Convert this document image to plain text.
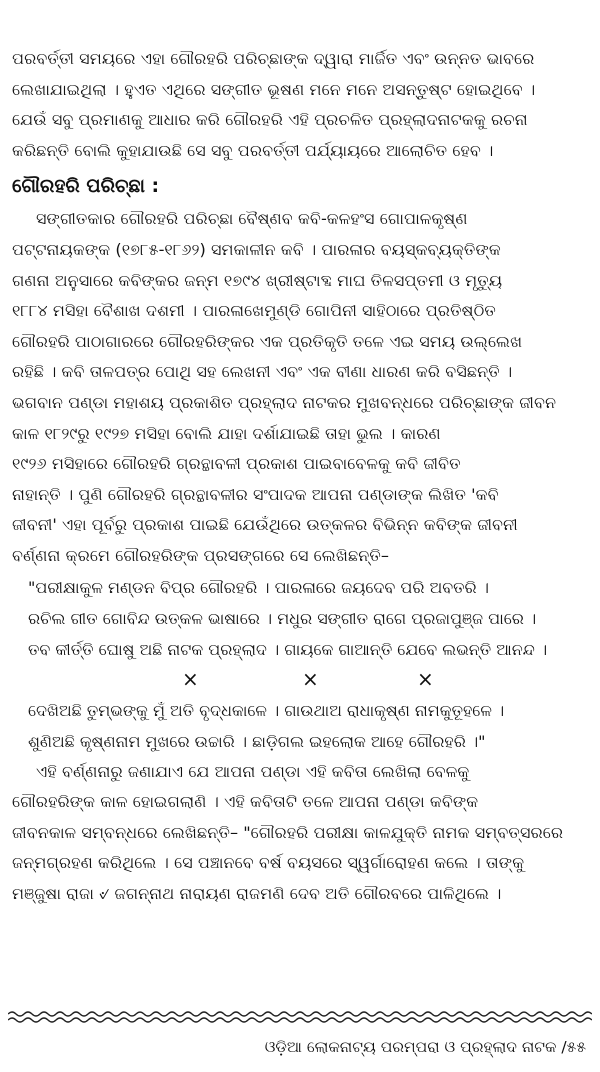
ପରବର୍ତ୍ତୀ ସମୟରେ ଏହା ଗୌରହରି ପରିଚ୍ଛାଙ୍କ ଦ୍ୱାରା ମାର୍ଜିତ ଏବଂ ଉନ୍ନତ ଭାବରେ
ଲେଖାଯାଇଥିଲା । ହୁଏତ ଏଥିରେ ସଙ୍ଗୀତ ଭୂଷଣ ମନେ ମନେ ଅସନ୍ତୁଷ୍ଟ ହୋଇଥିବେ ।
ଯେଉଁ ସବୁ ପ୍ରମାଣକୁ ଆଧାର କରି ଗୌରହରି ଏହି ପ୍ରଚଳିତ ପ୍ରହ୍ଲାଦନାଟକକୁ ରଚନା
କରିଛନ୍ତି ବୋଲି କୁହାଯାଉଛି ସେ ସବୁ ପରବର୍ତ୍ତୀ ପର୍ଯ୍ୟାୟରେ ଆଲୋଚିତ ହେବ ।
ଗୌରହରି ପରିଚ୍ଛା :
ସଙ୍ଗୀତକାର ଗୌରହରି ପରିଚ୍ଛା ବୈଷ୍ଣବ କବି-କଳହଂସ ଗୋପାଳକୃଷ୍ଣ
ପଟ୍ଟନାୟକଙ୍କ (୧୭୮୫-୧୮୬୨) ସମକାଳୀନ କବି । ପାରଳାର ବୟସ୍କବ୍ୟକ୍ତିଙ୍କ
ଗଣନା ଅନୁସାରେ କବିଙ୍କର ଜନ୍ମ ୧୭୯୪ ଖ୍ରୀଷ୍ଟାବ୍ଦ ମାଘ ତିଳସପ୍ତମୀ ଓ ମୃତ୍ୟୁ
୧୮୮୪ ମସିହା ବୈଶାଖ ଦଶମୀ । ପାରଳାଖେମୁଣ୍ଡି ଗୋପିନୀ ସାହିଠାରେ ପ୍ରତିଷ୍ଠିତ
ଗୌରହରି ପାଠାଗାରରେ ଗୌରହରିଙ୍କର ଏକ ପ୍ରତିକୃତି ତଳେ ଏଇ ସମୟ ଉଲ୍ଲେଖ
ରହିଛି । କବି ତାଳପତ୍ର ପୋଥି ସହ ଲେଖନୀ ଏବଂ ଏକ ବୀଣା ଧାରଣ କରି ବସିଛନ୍ତି ।
ଭଗବାନ ପଣ୍ଡା ମହାଶୟ ପ୍ରକାଶିତ ପ୍ରହ୍ଲାଦ ନାଟକର ମୁଖବନ୍ଧରେ ପରିଚ୍ଛାଙ୍କ ଜୀବନ
କାଳ ୧୮୨୯ରୁ ୧୯୨୭ ମସିହା ବୋଲି ଯାହା ଦର୍ଶାଯାଇଛି ତାହା ଭୁଲ । କାରଣ
୧୯୨୬ ମସିହାରେ ଗୌରହରି ଗ୍ରନ୍ଥାବଳୀ ପ୍ରକାଶ ପାଇବାବେଳକୁ କବି ଜୀବିତ
ନାହାନ୍ତି । ପୁଣି ଗୌରହରି ଗ୍ରନ୍ଥାବଳୀର ସଂପାଦକ ଆପନା ପଣ୍ଡାଙ୍କ ଲିଖିତ 'କବି
ଜୀବନୀ' ଏହା ପୂର୍ବରୁ ପ୍ରକାଶ ପାଇଛି ଯେଉଁଥିରେ ଉତ୍କଳର ବିଭିନ୍ନ କବିଙ୍କ ଜୀବନୀ
ବର୍ଣ୍ଣନା କ୍ରମେ ଗୌରହରିଙ୍କ ପ୍ରସଙ୍ଗରେ ସେ ଲେଖିଛନ୍ତି–
"ପରୀକ୍ଷାକୁଳ ମଣ୍ଡନ ବିପ୍ର ଗୌରହରି । ପାରଳାରେ ଜୟଦେବ ପରି ଅବତରି ।
ରଚିଲ ଗୀତ ଗୋବିନ୍ଦ ଉତ୍କଳ ଭାଷାରେ । ମଧୁର ସଙ୍ଗୀତ ରାଗେ ପ୍ରଜାପୁଞ୍ଜ ପାରେ ।
ତବ କୀର୍ତ୍ତି ଘୋଷୁ ଅଛି ନାଟକ ପ୍ରହ୍ଲାଦ । ଗାୟକେ ଗାଆନ୍ତି ଯେବେ ଲଭନ୍ତି ଆନନ୍ଦ ।
×	×	×
ଦେଖିଅଛି ତୁମ୍ଭଙ୍କୁ ମୁଁ ଅତି ବୃଦ୍ଧକାଳେ । ଗାଉଥାଅ ରାଧାକୃଷ୍ଣ ନାମକୁତୂହଳେ ।
ଶୁଣିଅଛି କୃଷ୍ଣନାମ ମୁଖରେ ଉଚ୍ଚାରି । ଛାଡ଼ିଗଲ ଇହଲୋକ ଆହେ ଗୌରହରି ।"
ଏହି ବର୍ଣ୍ଣନାରୁ ଜଣାଯାଏ ଯେ ଆପନା ପଣ୍ଡା ଏହି କବିତା ଲେଖିଲା ବେଳକୁ
ଗୌରହରିଙ୍କ କାଳ ହୋଇଗଲାଣି । ଏହି କବିତାଟି ତଳେ ଆପନା ପଣ୍ଡା କବିଙ୍କ
ଜୀବନକାଳ ସମ୍ବନ୍ଧରେ ଲେଖିଛନ୍ତି– "ଗୌରହରି ପରୀକ୍ଷା କାଳଯୁକ୍ତି ନାମକ ସମ୍ବତ୍ସରରେ
ଜନ୍ମଗ୍ରହଣ କରିଥିଲେ । ସେ ପଞ୍ଚାନବେ ବର୍ଷ ବୟସରେ ସ୍ୱର୍ଗାରୋହଣ କଲେ । ତାଙ୍କୁ
ମଞ୍ଜୁଷା ରାଜା ୰ ଜଗନ୍ନାଥ ନାରାୟଣ ରାଜମଣି ଦେବ ଅତି ଗୌରବରେ ପାଳିଥିଲେ ।
ଓଡ଼ିଆ ଲୋକନାଟ୍ୟ ପରମ୍ପରା ଓ ପ୍ରହ୍ଲାଦ ନାଟକ /୫୫
